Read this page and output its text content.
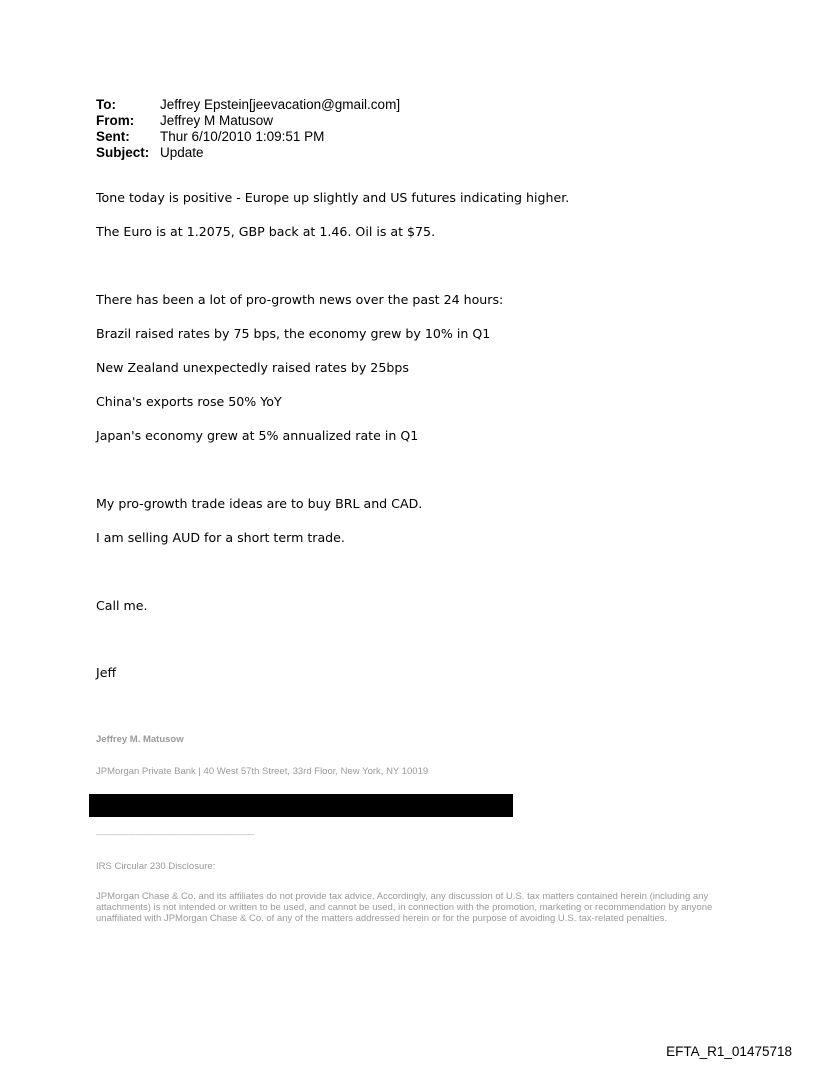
To:	Jeffrey Epstein[jeevacation@gmail.com]
From:	Jeffrey M Matusow
Sent:	Thur 6/10/2010 1:09:51 PM
Subject: Update
Tone today is positive - Europe up slightly and US futures indicating higher.
The Euro is at 1.2075, GBP back at 1.46. Oil is at $75.
There has been a lot of pro-growth news over the past 24 hours:
Brazil raised rates by 75 bps, the economy grew by 10% in Q1
New Zealand unexpectedly raised rates by 25bps
China's exports rose 50% YoY
Japan's economy grew at 5% annualized rate in Q1
My pro-growth trade ideas are to buy BRL and CAD.
I am selling AUD for a short term trade.
Call me.
Jeff
Jeffrey M. Matusow
JPMorgan Private Bank | 40 West 57th Street, 33rd Floor, New York, NY 10019
-------------------------------------------------------------------------
IRS Circular 230 Disclosure:
JPMorgan Chase & Co. and its affiliates do not provide tax advice. Accordingly, any discussion of U.S. tax matters contained herein (including any attachments) is not intended or written to be used, and cannot be used, in connection with the promotion, marketing or recommendation by anyone unaffiliated with JPMorgan Chase & Co. of any of the matters addressed herein or for the purpose of avoiding U.S. tax-related penalties.
EFTA_R1_01475718
